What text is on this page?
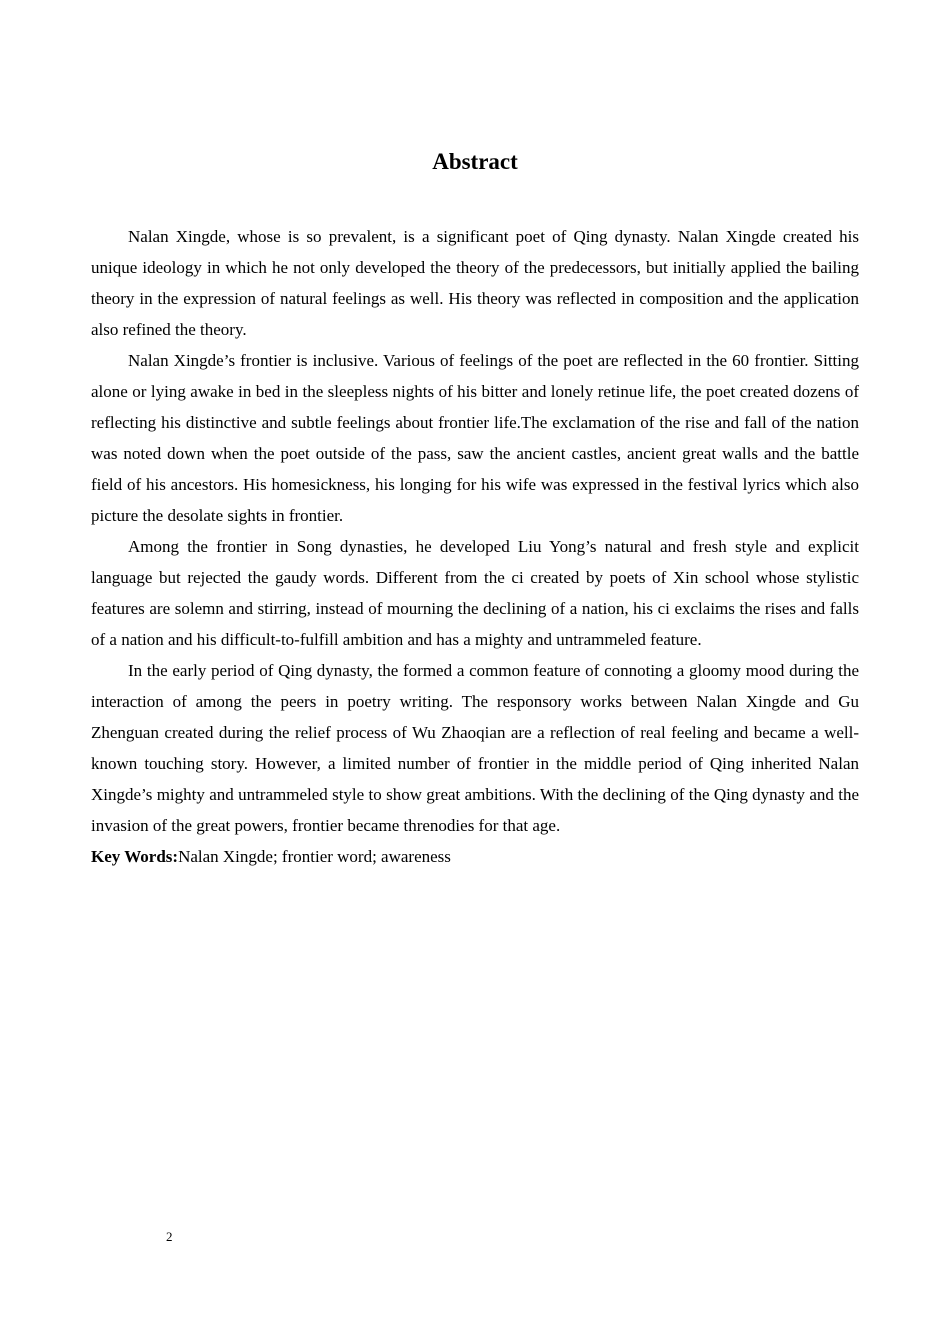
Abstract

Nalan Xingde, whose is so prevalent, is a significant poet of Qing dynasty. Nalan Xingde created his unique ideology in which he not only developed the theory of the predecessors, but initially applied the bailing theory in the expression of natural feelings as well. His theory was reflected in composition and the application also refined the theory.

Nalan Xingde’s frontier is inclusive. Various of feelings of the poet are reflected in the 60 frontier. Sitting alone or lying awake in bed in the sleepless nights of his bitter and lonely retinue life, the poet created dozens of reflecting his distinctive and subtle feelings about frontier life.The exclamation of the rise and fall of the nation was noted down when the poet outside of the pass, saw the ancient castles, ancient great walls and the battle field of his ancestors. His homesickness, his longing for his wife was expressed in the festival lyrics which also picture the desolate sights in frontier.

Among the frontier in Song dynasties, he developed Liu Yong’s natural and fresh style and explicit language but rejected the gaudy words. Different from the ci created by poets of Xin school whose stylistic features are solemn and stirring, instead of mourning the declining of a nation, his ci exclaims the rises and falls of a nation and his difficult-to-fulfill ambition and has a mighty and untrammeled feature.

In the early period of Qing dynasty, the formed a common feature of connoting a gloomy mood during the interaction of among the peers in poetry writing. The responsory works between Nalan Xingde and Gu Zhenguan created during the relief process of Wu Zhaoqian are a reflection of real feeling and became a well-known touching story. However, a limited number of frontier in the middle period of Qing inherited Nalan Xingde’s mighty and untrammeled style to show great ambitions. With the declining of the Qing dynasty and the invasion of the great powers, frontier became threnodies for that age.

Key Words:Nalan Xingde; frontier word; awareness

2
